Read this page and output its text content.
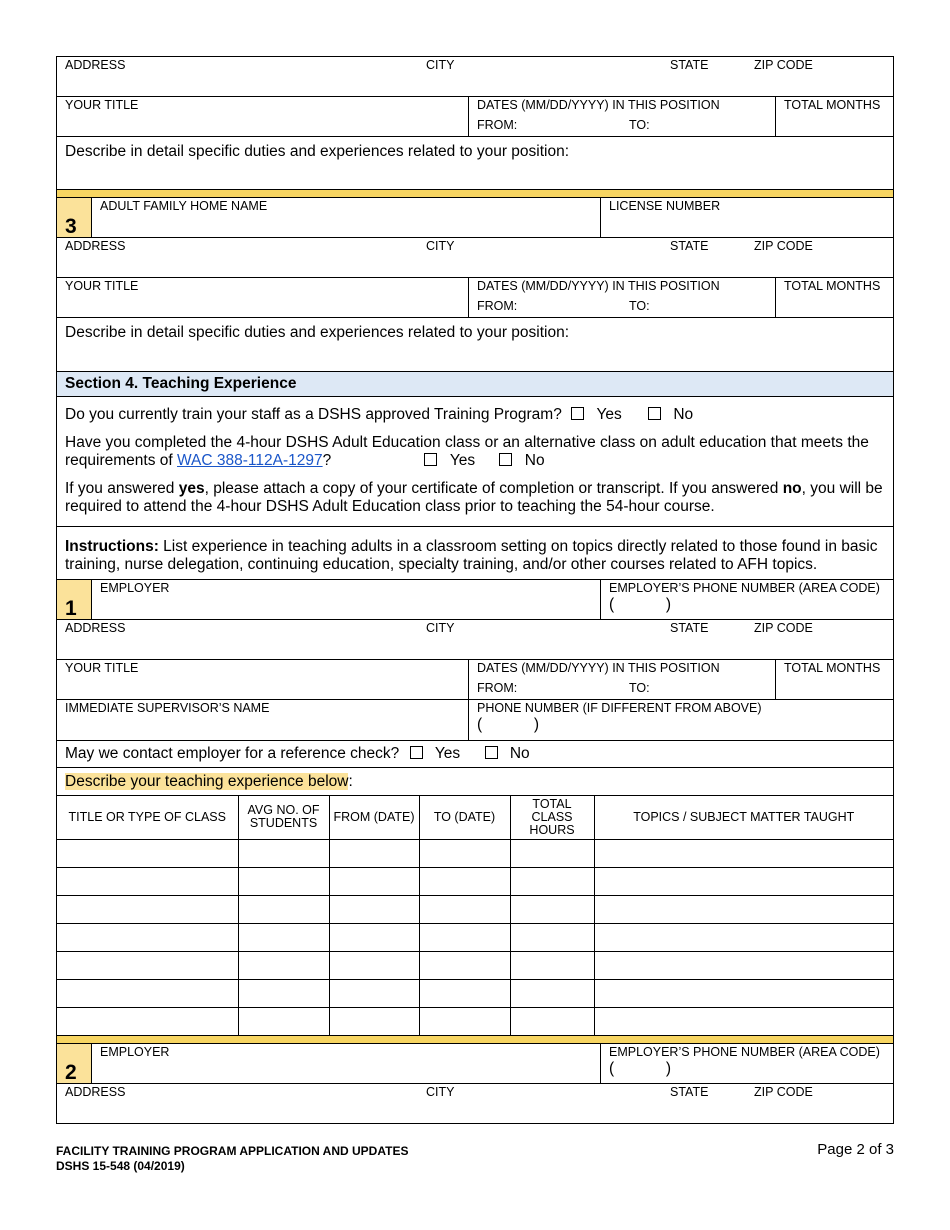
ADDRESS	CITY	STATE	ZIP CODE
YOUR TITLE	DATES (MM/DD/YYYY) IN THIS POSITION
FROM:	TO:
TOTAL MONTHS
Describe in detail specific duties and experiences related to your position:
3
ADULT FAMILY HOME NAME	LICENSE NUMBER
ADDRESS	CITY	STATE	ZIP CODE
YOUR TITLE	DATES (MM/DD/YYYY) IN THIS POSITION
FROM:	TO:
TOTAL MONTHS
Describe in detail specific duties and experiences related to your position:
Section 4. Teaching Experience
Do you currently train your staff as a DSHS approved Training Program? Yes	No
Have you completed the 4-hour DSHS Adult Education class or an alternative class on adult education that meets the requirements of WAC 388-112A-1297?	Yes	No
If you answered yes, please attach a copy of your certificate of completion or transcript. If you answered no, you will be required to attend the 4-hour DSHS Adult Education class prior to teaching the 54-hour course.
Instructions: List experience in teaching adults in a classroom setting on topics directly related to those found in basic training, nurse delegation, continuing education, specialty training, and/or other courses related to AFH topics.
1
EMPLOYER	EMPLOYER’S PHONE NUMBER (AREA CODE)
(            )
ADDRESS	CITY	STATE	ZIP CODE
YOUR TITLE	DATES (MM/DD/YYYY) IN THIS POSITION
FROM:	TO:
TOTAL MONTHS
IMMEDIATE SUPERVISOR’S NAME	PHONE NUMBER (IF DIFFERENT FROM ABOVE)
(            )
May we contact employer for a reference check? Yes	No
Describe your teaching experience below:
TITLE OR TYPE OF CLASS	AVG NO. OF STUDENTS	FROM (DATE)	TO (DATE)	TOTAL CLASS HOURS	TOPICS / SUBJECT MATTER TAUGHT

2
EMPLOYER	EMPLOYER’S PHONE NUMBER (AREA CODE)
(            )
ADDRESS	CITY	STATE	ZIP CODE
FACILITY TRAINING PROGRAM APPLICATION AND UPDATES
DSHS 15-548 (04/2019)
Page 2 of 3
